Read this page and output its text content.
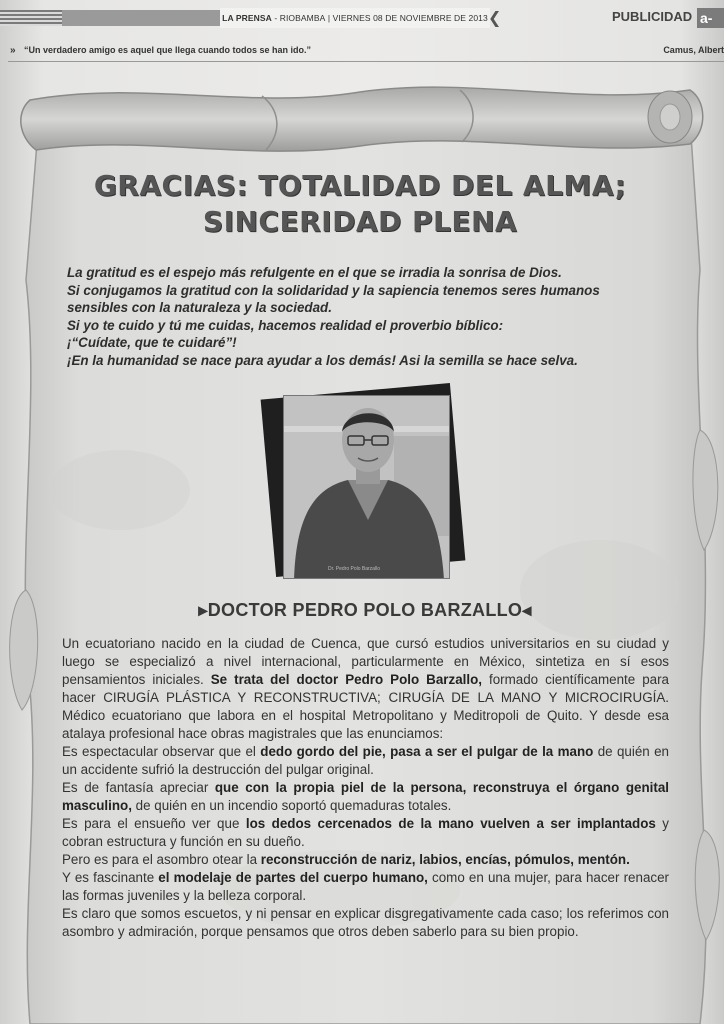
LA PRENSA - RIOBAMBA | VIERNES 08 DE NOVIEMBRE DE 2013 ❮	PUBLICIDAD a-
» “Un verdadero amigo es aquel que llega cuando todos se han ido.”	Camus, Albert
GRACIAS: TOTALIDAD DEL ALMA;
SINCERIDAD PLENA
La gratitud es el espejo más refulgente en el que se irradia la sonrisa de Dios.
Si conjugamos la gratitud con la solidaridad y la sapiencia tenemos seres humanos
sensibles con la naturaleza y la sociedad.
Si yo te cuido y tú me cuidas, hacemos realidad el proverbio bíblico:
¡“Cuídate, que te cuidaré”!
¡En la humanidad se nace para ayudar a los demás! Asi la semilla se hace selva.
Dr. Pedro Polo Barzallo
▸DOCTOR PEDRO POLO BARZALLO◂

Un ecuatoriano nacido en la ciudad de Cuenca, que cursó estudios universitarios en su ciudad y luego se especializó a nivel internacional, particularmente en México, sintetiza en sí esos pensamientos iniciales. Se trata del doctor Pedro Polo Barzallo, formado científicamente para hacer CIRUGÍA PLÁSTICA Y RECONSTRUCTIVA; CIRUGÍA DE LA MANO Y MICROCIRUGÍA. Médico ecuatoriano que labora en el hospital Metropolitano y Meditropoli de Quito. Y desde esa atalaya profesional hace obras magistrales que las enunciamos:

Es espectacular observar que el dedo gordo del pie, pasa a ser el pulgar de la mano de quién en un accidente sufrió la destrucción del pulgar original.

Es de fantasía apreciar que con la propia piel de la persona, reconstruya el órgano genital masculino, de quién en un incendio soportó quemaduras totales.

Es para el ensueño ver que los dedos cercenados de la mano vuelven a ser implantados y cobran estructura y función en su dueño.

Pero es para el asombro otear la reconstrucción de nariz, labios, encías, pómulos, mentón.

Y es fascinante el modelaje de partes del cuerpo humano, como en una mujer, para hacer renacer las formas juveniles y la belleza corporal.

Es claro que somos escuetos, y ni pensar en explicar disgregativamente cada caso; los referimos con asombro y admiración, porque pensamos que otros deben saberlo para su bien propio.
